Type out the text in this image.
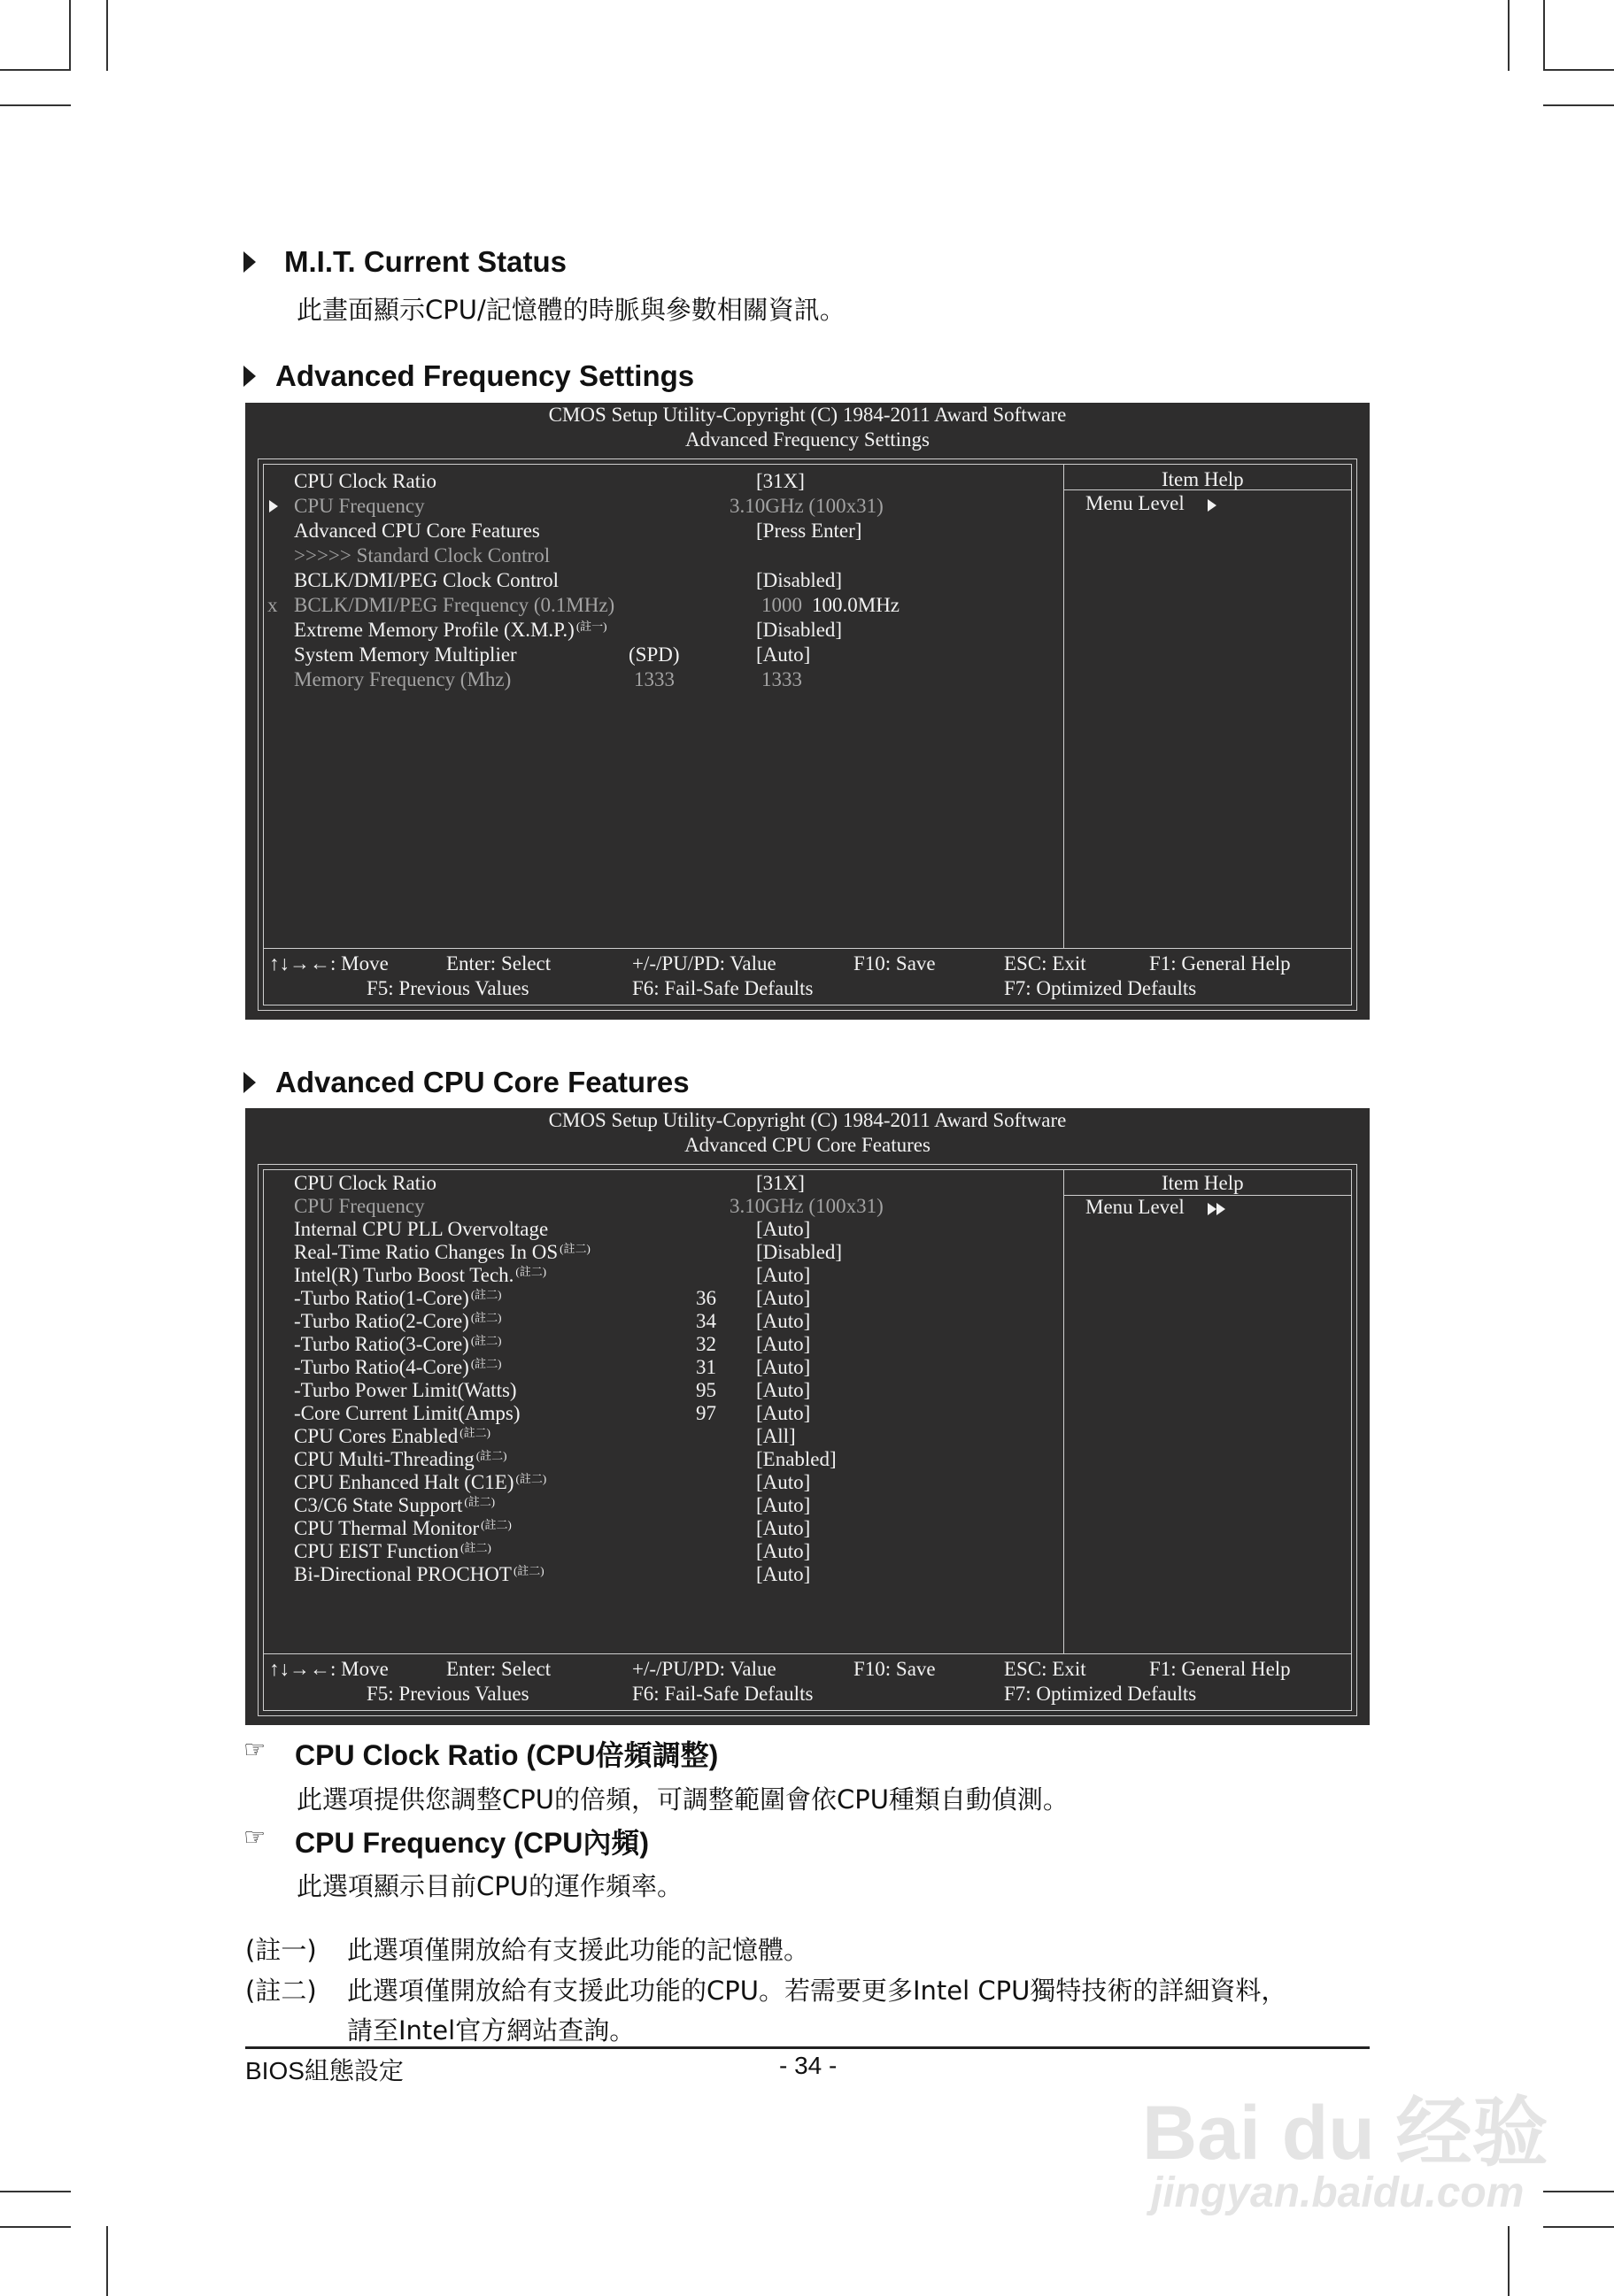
M.I.T. Current Status
此畫面顯示CPU/記憶體的時脈與參數相關資訊。
Advanced Frequency Settings
CMOS Setup Utility-Copyright (C) 1984-2011 Award Software
Advanced Frequency Settings
Item Help
Menu Level
CPU Clock Ratio	[31X]
CPU Frequency	3.10GHz (100x31)
Advanced CPU Core Features	[Press Enter]
>>>>> Standard Clock Control
BCLK/DMI/PEG Clock Control	[Disabled]
x BCLK/DMI/PEG Frequency (0.1MHz)	1000 100.0MHz
Extreme Memory Profile (X.M.P.) $^{(註一)}$	[Disabled]
System Memory Multiplier	(SPD)	[Auto]
Memory Frequency (Mhz)	1333	1333
↑↓→←: Move	Enter: Select	+/-/PU/PD: Value	F10: Save	ESC: Exit	F1: General Help
F5: Previous Values	F6: Fail-Safe Defaults	F7: Optimized Defaults
Advanced CPU Core Features
CMOS Setup Utility-Copyright (C) 1984-2011 Award Software
Advanced CPU Core Features
Item Help
Menu Level
CPU Clock Ratio	[31X]
CPU Frequency	3.10GHz (100x31)
Internal CPU PLL Overvoltage	[Auto]
Real-Time Ratio Changes In OS $^{(註二)}$	[Disabled]
Intel(R) Turbo Boost Tech. $^{(註二)}$	[Auto]
-Turbo Ratio(1-Core) $^{(註二)}$	36 [Auto]
-Turbo Ratio(2-Core) $^{(註二)}$	34 [Auto]
-Turbo Ratio(3-Core) $^{(註二)}$	32 [Auto]
-Turbo Ratio(4-Core) $^{(註二)}$	31 [Auto]
-Turbo Power Limit(Watts)	95 [Auto]
-Core Current Limit(Amps)	97 [Auto]
CPU Cores Enabled $^{(註二)}$	[All]
CPU Multi-Threading $^{(註二)}$	[Enabled]
CPU Enhanced Halt (C1E) $^{(註二)}$	[Auto]
C3/C6 State Support $^{(註二)}$	[Auto]
CPU Thermal Monitor $^{(註二)}$	[Auto]
CPU EIST Function $^{(註二)}$	[Auto]
Bi-Directional PROCHOT $^{(註二)}$	[Auto]
↑↓→←: Move	Enter: Select	+/-/PU/PD: Value	F10: Save	ESC: Exit	F1: General Help
F5: Previous Values	F6: Fail-Safe Defaults	F7: Optimized Defaults
☞ CPU Clock Ratio (CPU倍頻調整)
此選項提供您調整CPU的倍頻，可調整範圍會依CPU種類自動偵測。
☞ CPU Frequency (CPU內頻)
此選項顯示目前CPU的運作頻率。
(註一) 此選項僅開放給有支援此功能的記憶體。
(註二) 此選項僅開放給有支援此功能的CPU。若需要更多Intel CPU獨特技術的詳細資料，
請至Intel官方網站查詢。
BIOS組態設定	- 34 -
Bai du 经验
jingyan.baidu.com
